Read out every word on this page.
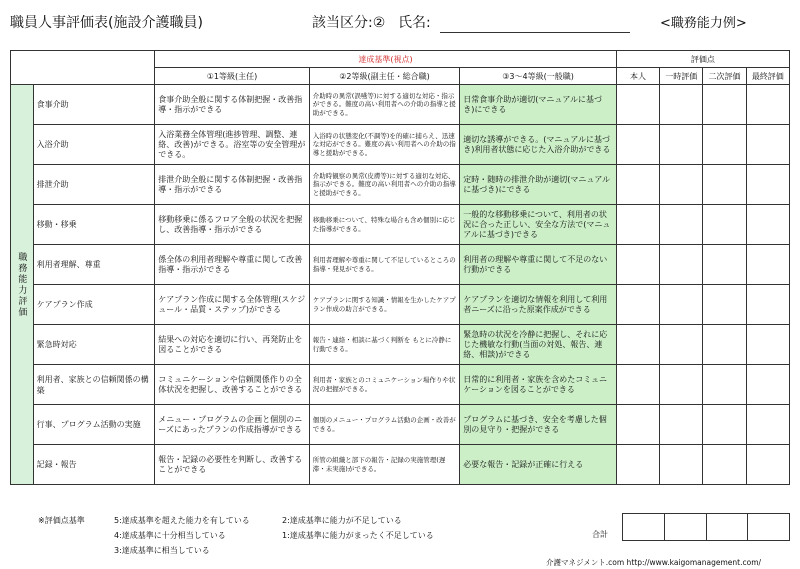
職員人事評価表(施設介護職員)	該当区分:② 氏名:	<職務能力例>
		達成基準(視点)			評価点			
		①1等級(主任)	②2等級(副主任・総合職)	③3～4等級(一般職)	本人	一時評価	二次評価	最終評価
職務能力評価	食事介助	食事介助全般に関する体制把握・改善指導・指示ができる	介助時の異常(誤嚥等)に対する適切な対応・指示ができる。難度の高い利用者への介助の指導と援助ができる。	日常食事介助が適切(マニュアルに基づき)にできる				
	入浴介助	入浴業務全体管理(進捗管理、調整、連絡、改善)ができる。浴室等の安全管理ができる。	入浴時の状態変化(不調等)を的確に捕らえ、迅速な対応ができる。難度の高い利用者への介助の指導と援助ができる。	適切な誘導ができる。(マニュアルに基づき)利用者状態に応じた入浴介助ができる				
	排泄介助	排泄介助全般に関する体制把握・改善指導・指示ができる	介助時観察の異常(皮膚等)に対する適切な対応、指示ができる。難度の高い利用者への介助の指導と援助ができる。	定時・随時の排泄介助が適切(マニュアルに基づき)にできる				
	移動・移乗	移動移乗に係るフロア全般の状況を把握し、改善指導・指示ができる	移動移乗について、特殊な場合も含め個別に応じた指導ができる。	一般的な移動移乗について、利用者の状況に合った正しい、安全な方法で(マニュアルに基づき)できる				
	利用者理解、尊重	係全体の利用者理解や尊重に関して改善指導・指示ができる	利用者理解や尊重に関して不足しているところの指導・発見ができる。	利用者の理解や尊重に関して不足のない行動ができる				
	ケアプラン作成	ケアプラン作成に関する全体管理(スケジュール・品質・ステップ)ができる	ケアプランに関する知識・情報を生かしたケアプラン作成の助言ができる。	ケアプランを適切な情報を利用して利用者ニーズに沿った原案作成ができる				
	緊急時対応	結果への対応を適切に行い、再発防止を図ることができる	報告・連絡・相談に基づく判断を もとに冷静に行動できる。	緊急時の状況を冷静に把握し、それに応じた機敏な行動(当面の対処、報告、連絡、相談)ができる				
	利用者、家族との信頼関係の構築	コミュニケーションや信頼関係作りの全体状況を把握し、改善することができる	利用者・家族とのコミュニケーション場作りや状況の把握ができる。	日常的に利用者・家族を含めたコミュニケーションを図ることができる				
	行事、プログラム活動の実施	メニュー・プログラムの企画と個別のニーズにあったプランの作成指導ができる	個別のメニュー・プログラム活動の企画・改善ができる。	プログラムに基づき、安全を考慮した個別の見守り・把握ができる				
	記録・報告	報告・記録の必要性を判断し、改善することができる	所管の組織と部下の報告・記録の実施管理(遅滞・未実施)ができる。	必要な報告・記録が正確に行える				
※評価点基準	5:達成基準を超えた能力を有している	2:達成基準に能力が不足している
4:達成基準に十分相当している	1:達成基準に能力がまったく不足している
3:達成基準に相当している
合計
介護マネジメント.com http://www.kaigomanagement.com/
